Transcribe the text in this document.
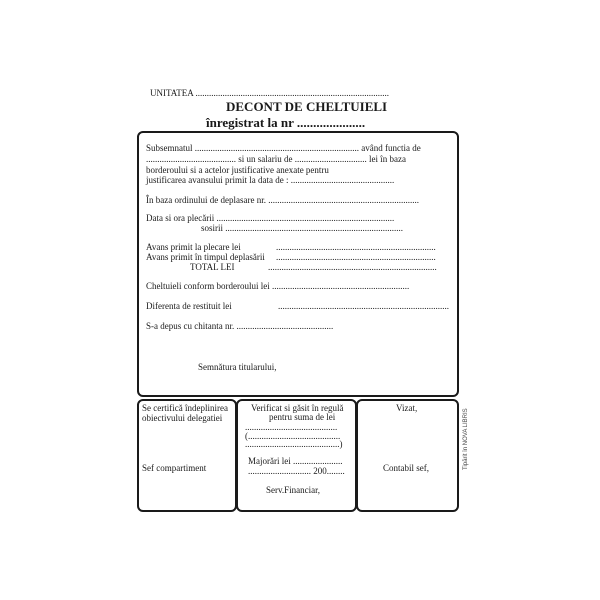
UNITATEA ......................................................................................
DECONT DE CHELTUIELI
înregistrat la nr .....................
Subsemnatul ......................................................................... având functia de
........................................ si un salariu de ................................ lei în baza
borderoului si a actelor justificative anexate pentru
justificarea avansului primit la data de : ..............................................
În baza ordinului de deplasare nr. ...................................................................
Data si ora plecării ...............................................................................
sosirii ...............................................................................
Avans primit la plecare lei	.......................................................................
Avans primit în timpul deplasării .......................................................................
TOTAL LEI	...........................................................................
Cheltuieli conform borderoului lei .............................................................
Diferenta de restituit lei	............................................................................
S-a depus cu chitanta nr. ...........................................
Semnătura titularului,
Se certifică îndeplinirea
obiectivului delegatiei
Sef compartiment
Verificat si găsit în regulă
pentru suma de lei
.........................................
(.........................................
..........................................)
Majorări lei ......................
............................ 200........
Serv.Financiar,
Vizat,
Contabil sef,	Tipărit în NOVA LIBRIS
